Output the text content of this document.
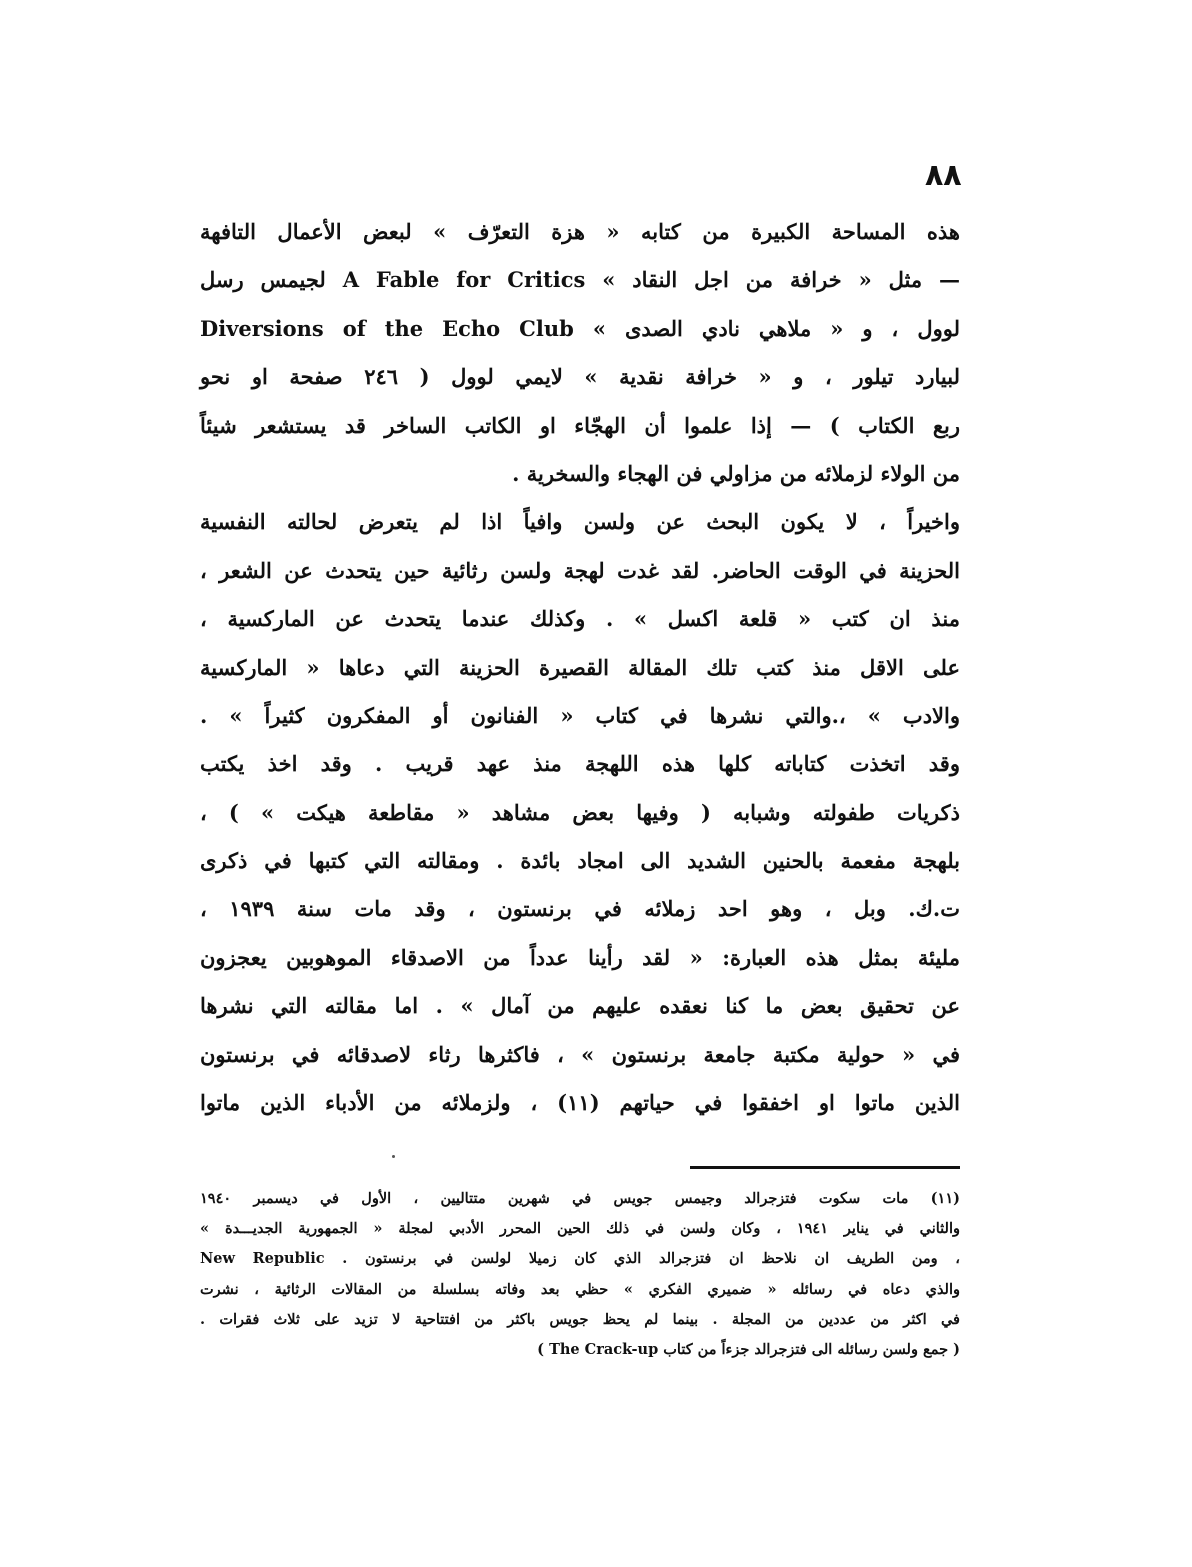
٨٨
هذه المساحة الكبيرة من كتابه « هزة التعرّف » لبعض الأعمال التافهة
— مثل « خرافة من اجل النقاد » A Fable for Critics لجيمس رسل
لوول ، و « ملاهي نادي الصدى » Diversions of the Echo Club
لبيارد تيلور ، و « خرافة نقدية » لايمي لوول ( ٢٤٦ صفحة او نحو
ربع الكتاب ) — إذا علموا أن الهجّاء او الكاتب الساخر قد يستشعر شيئاً
من الولاء لزملائه من مزاولي فن الهجاء والسخرية .
واخيراً ، لا يكون البحث عن ولسن وافياً اذا لم يتعرض لحالته النفسية
الحزينة في الوقت الحاضر. لقد غدت لهجة ولسن رثائية حين يتحدث عن الشعر ،
منذ ان كتب « قلعة اكسل » . وكذلك عندما يتحدث عن الماركسية ،
على الاقل منذ كتب تلك المقالة القصيرة الحزينة التي دعاها « الماركسية
والادب » ،.والتي نشرها في كتاب « الفنانون أو المفكرون كثيراً » .
وقد اتخذت كتاباته كلها هذه اللهجة منذ عهد قريب . وقد اخذ يكتب
ذكريات طفولته وشبابه ( وفيها بعض مشاهد « مقاطعة هيكت » ) ،
بلهجة مفعمة بالحنين الشديد الى امجاد بائدة . ومقالته التي كتبها في ذكرى
ت.ك. وبل ، وهو احد زملائه في برنستون ، وقد مات سنة ١٩٣٩ ،
مليئة بمثل هذه العبارة: « لقد رأينا عدداً من الاصدقاء الموهوبين يعجزون
عن تحقيق بعض ما كنا نعقده عليهم من آمال » . اما مقالته التي نشرها
في « حولية مكتبة جامعة برنستون » ، فاكثرها رثاء لاصدقائه في برنستون
الذين ماتوا او اخفقوا في حياتهم (١١) ، ولزملائه من الأدباء الذين ماتوا
(١١) مات سكوت فتزجرالد وجيمس جويس في شهرين متتاليين ، الأول في ديسمبر ١٩٤٠
والثاني في يناير ١٩٤١ ، وكان ولسن في ذلك الحين المحرر الأدبي لمجلة « الجمهورية الجديـــدة »
New Republic . ومن الطريف ان نلاحظ ان فتزجرالد الذي كان زميلا لولسن في برنستون ،
والذي دعاه في رسائله « ضميري الفكري » حظي بعد وفاته بسلسلة من المقالات الرثائية ، نشرت
في اكثر من عددين من المجلة . بينما لم يحظ جويس باكثر من افتتاحية لا تزيد على ثلاث فقرات .
( جمع ولسن رسائله الى فتزجرالد جزءاً من كتاب The Crack-up )
